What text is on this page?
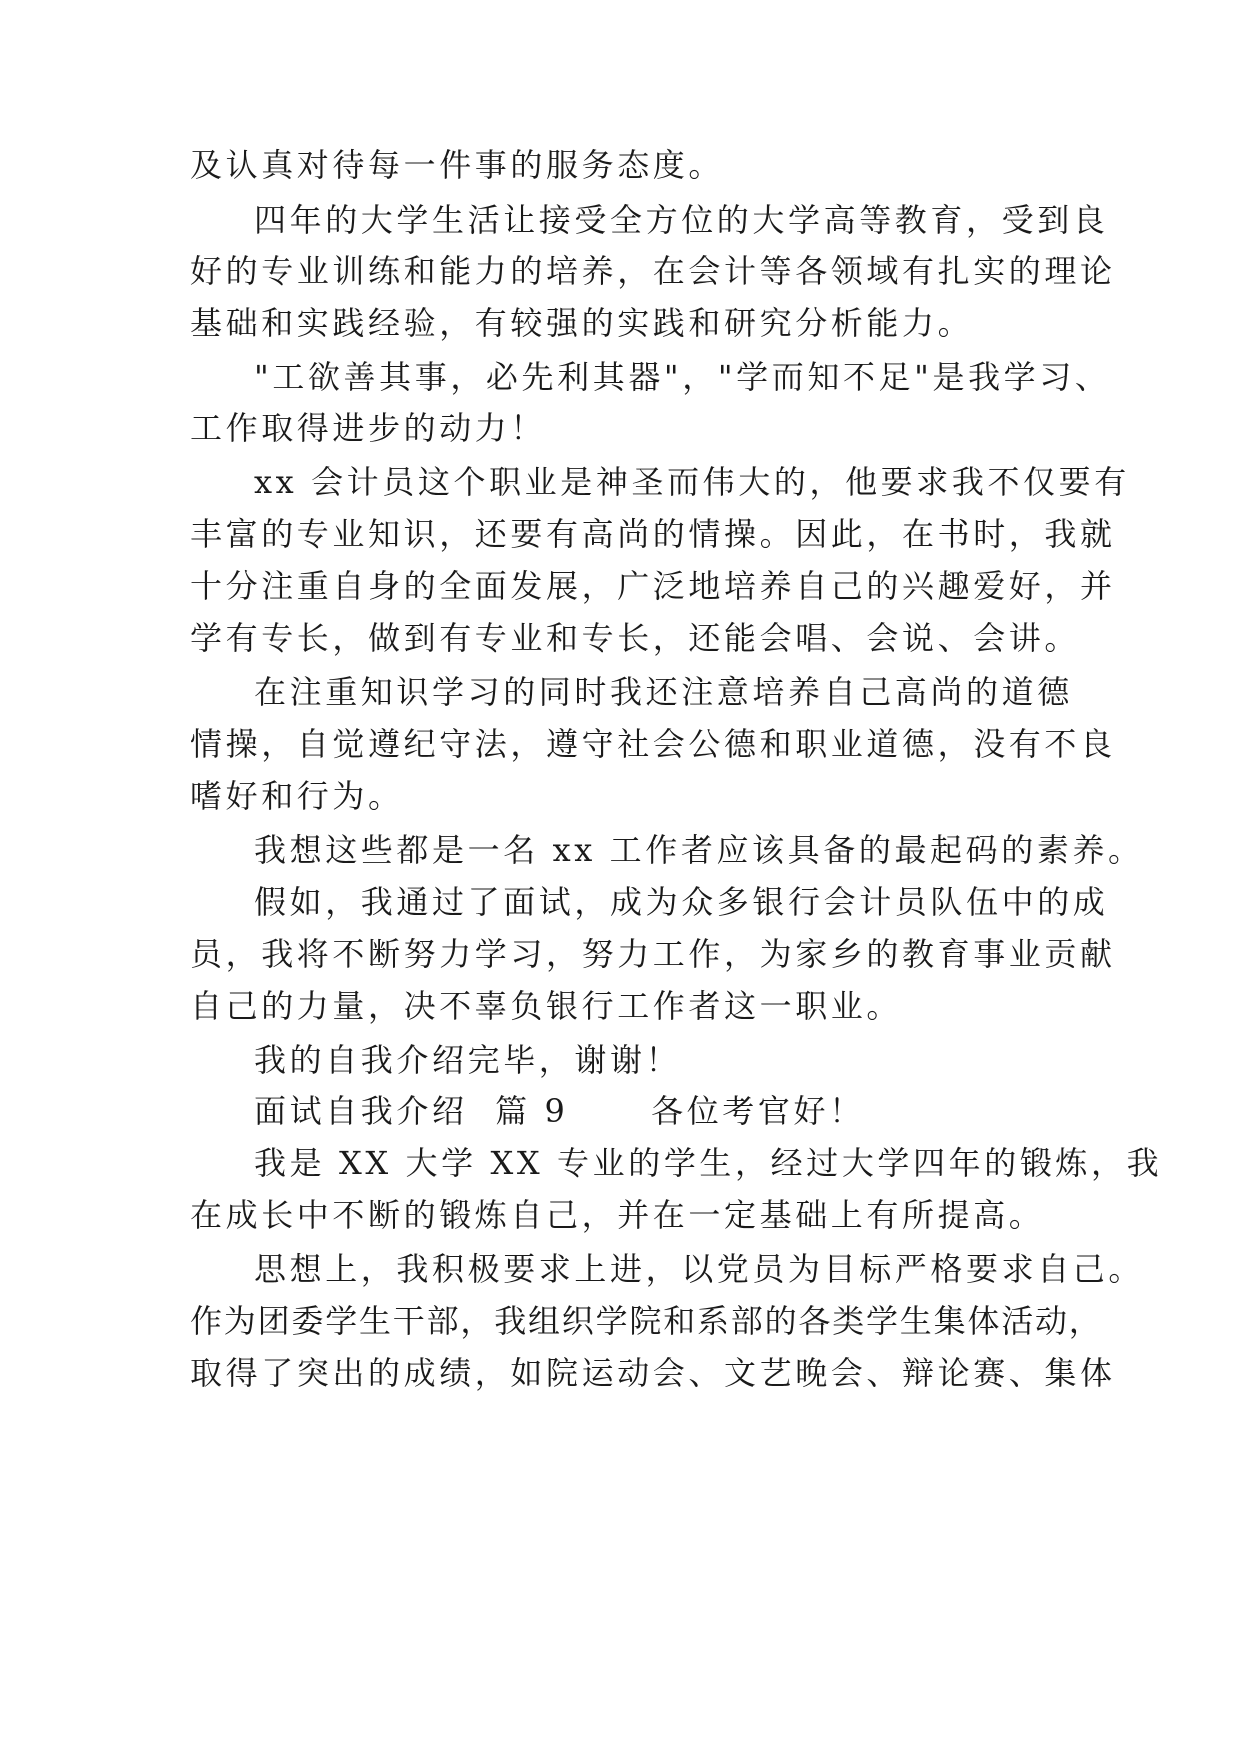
及认真对待每一件事的服务态度。

四年的大学生活让接受全方位的大学高等教育，受到良

好的专业训练和能力的培养，在会计等各领域有扎实的理论

基础和实践经验，有较强的实践和研究分析能力。

"工欲善其事，必先利其器"，"学而知不足"是我学习、

工作取得进步的动力！

xx 会计员这个职业是神圣而伟大的，他要求我不仅要有

丰富的专业知识，还要有高尚的情操。因此，在书时，我就

十分注重自身的全面发展，广泛地培养自己的兴趣爱好，并

学有专长，做到有专业和专长，还能会唱、会说、会讲。

在注重知识学习的同时我还注意培养自己高尚的道德

情操，自觉遵纪守法，遵守社会公德和职业道德，没有不良

嗜好和行为。

我想这些都是一名 xx 工作者应该具备的最起码的素养。

假如，我通过了面试，成为众多银行会计员队伍中的成

员，我将不断努力学习，努力工作，为家乡的教育事业贡献

自己的力量，决不辜负银行工作者这一职业。

我的自我介绍完毕，谢谢！

面试自我介绍  篇 9      各位考官好！

我是 XX 大学 XX 专业的学生，经过大学四年的锻炼，我

在成长中不断的锻炼自己，并在一定基础上有所提高。

思想上，我积极要求上进，以党员为目标严格要求自己。

作为团委学生干部，我组织学院和系部的各类学生集体活动，

取得了突出的成绩，如院运动会、文艺晚会、辩论赛、集体
